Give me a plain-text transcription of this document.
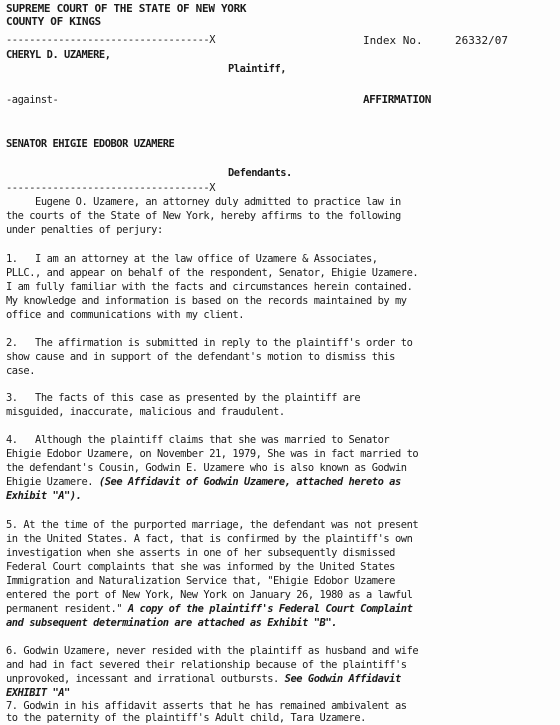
SUPREME COURT OF THE STATE OF NEW YORK
COUNTY OF KINGS
-----------------------------------X	Index No.	26332/07
CHERYL D. UZAMERE,
Plaintiff,
-against-	AFFIRMATION
SENATOR EHIGIE EDOBOR UZAMERE
Defendants.
-----------------------------------X
Eugene O. Uzamere, an attorney duly admitted to practice law in
the courts of the State of New York, hereby affirms to the following
under penalties of perjury:
1.   I am an attorney at the law office of Uzamere & Associates,
PLLC., and appear on behalf of the respondent, Senator, Ehigie Uzamere.
I am fully familiar with the facts and circumstances herein contained.
My knowledge and information is based on the records maintained by my
office and communications with my client.
2.   The affirmation is submitted in reply to the plaintiff's order to
show cause and in support of the defendant's motion to dismiss this
case.
3.   The facts of this case as presented by the plaintiff are
misguided, inaccurate, malicious and fraudulent.
4.   Although the plaintiff claims that she was married to Senator
Ehigie Edobor Uzamere, on November 21, 1979, She was in fact married to
the defendant's Cousin, Godwin E. Uzamere who is also known as Godwin
Ehigie Uzamere. (See Affidavit of Godwin Uzamere, attached hereto as
Exhibit "A").
5. At the time of the purported marriage, the defendant was not present
in the United States. A fact, that is confirmed by the plaintiff's own
investigation when she asserts in one of her subsequently dismissed
Federal Court complaints that she was informed by the United States
Immigration and Naturalization Service that, "Ehigie Edobor Uzamere
entered the port of New York, New York on January 26, 1980 as a lawful
permanent resident." A copy of the plaintiff's Federal Court Complaint
and subsequent determination are attached as Exhibit "B".
6. Godwin Uzamere, never resided with the plaintiff as husband and wife
and had in fact severed their relationship because of the plaintiff's
unprovoked, incessant and irrational outbursts. See Godwin Affidavit
EXHIBIT "A"
7. Godwin in his affidavit asserts that he has remained ambivalent as
to the paternity of the plaintiff's Adult child, Tara Uzamere.
